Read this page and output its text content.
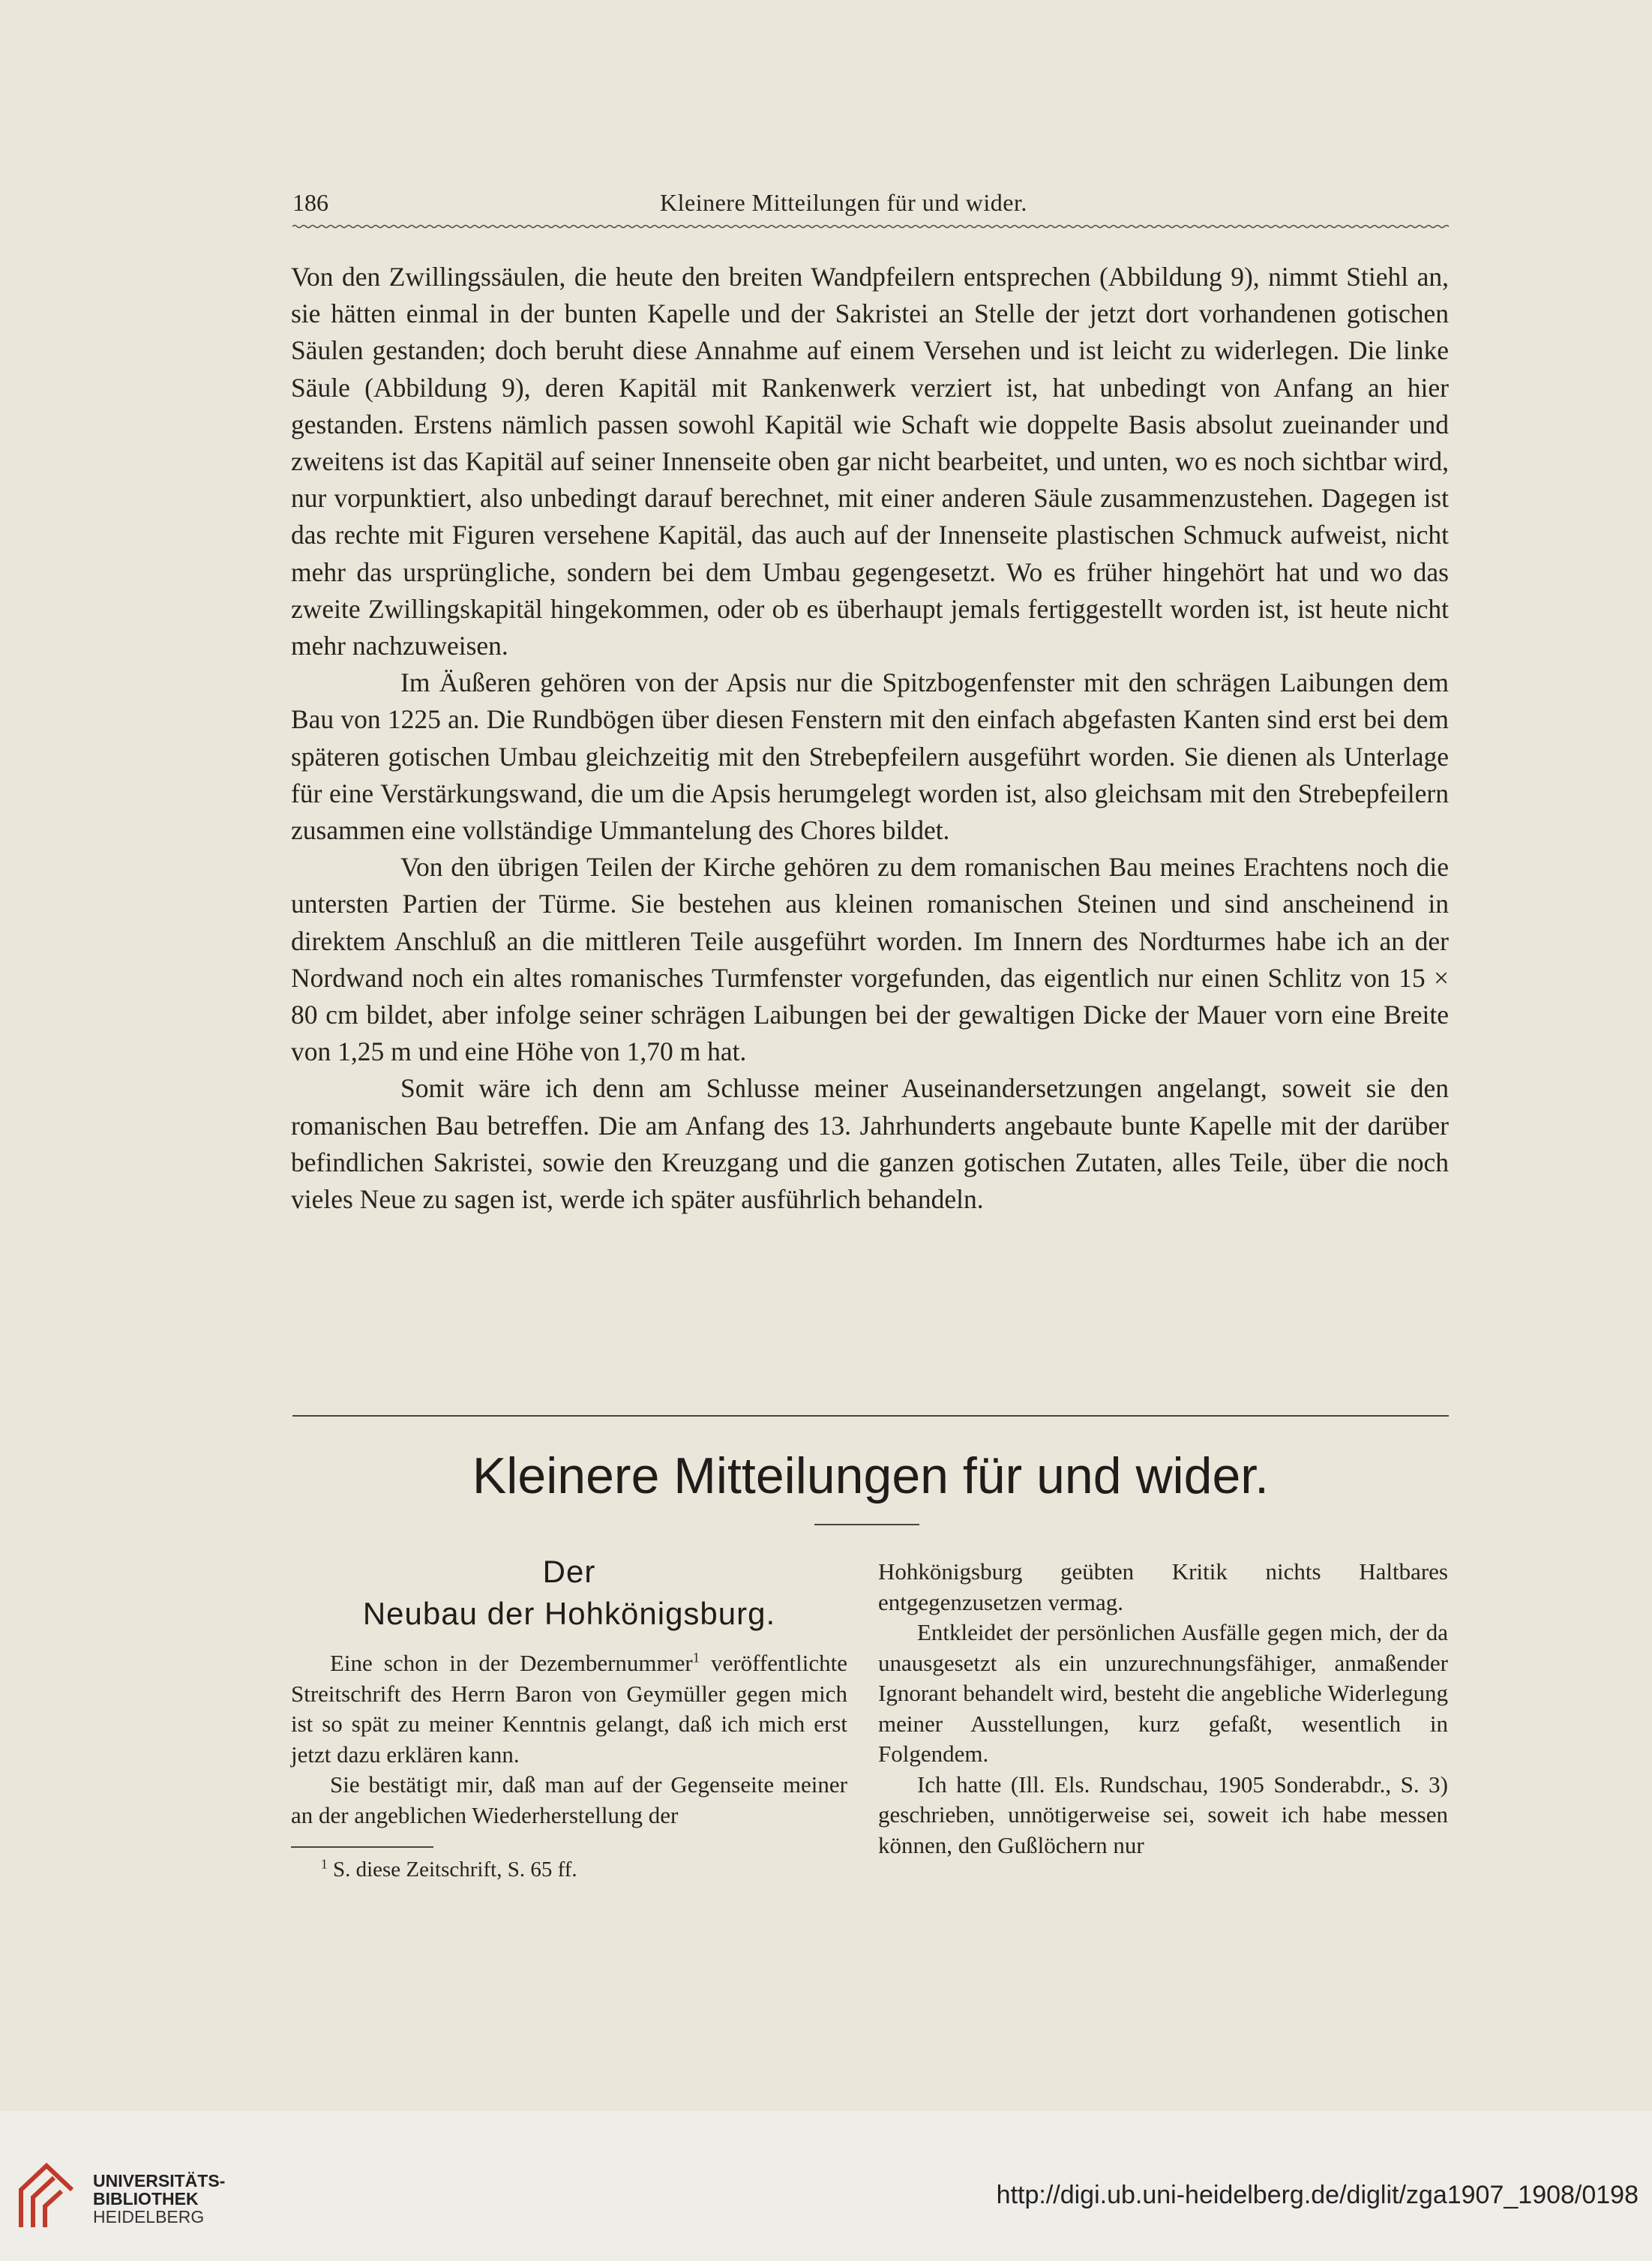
186	Kleinere Mitteilungen für und wider.

Von den Zwillingssäulen, die heute den breiten Wandpfeilern entsprechen (Abbildung 9), nimmt Stiehl an, sie hätten einmal in der bunten Kapelle und der Sakristei an Stelle der jetzt dort vorhandenen gotischen Säulen gestanden; doch beruht diese Annahme auf einem Versehen und ist leicht zu widerlegen. Die linke Säule (Abbildung 9), deren Kapitäl mit Rankenwerk verziert ist, hat unbedingt von Anfang an hier gestanden. Erstens nämlich passen sowohl Kapitäl wie Schaft wie doppelte Basis absolut zueinander und zweitens ist das Kapitäl auf seiner Innenseite oben gar nicht bearbeitet, und unten, wo es noch sichtbar wird, nur vorpunktiert, also unbedingt darauf berechnet, mit einer anderen Säule zusammenzustehen. Dagegen ist das rechte mit Figuren versehene Kapitäl, das auch auf der Innenseite plastischen Schmuck aufweist, nicht mehr das ursprüngliche, sondern bei dem Umbau gegengesetzt. Wo es früher hingehört hat und wo das zweite Zwillingskapitäl hingekommen, oder ob es überhaupt jemals fertiggestellt worden ist, ist heute nicht mehr nachzuweisen.

Im Äußeren gehören von der Apsis nur die Spitzbogenfenster mit den schrägen Laibungen dem Bau von 1225 an. Die Rundbögen über diesen Fenstern mit den einfach abgefasten Kanten sind erst bei dem späteren gotischen Umbau gleichzeitig mit den Strebepfeilern ausgeführt worden. Sie dienen als Unterlage für eine Verstärkungswand, die um die Apsis herumgelegt worden ist, also gleichsam mit den Strebepfeilern zusammen eine vollständige Ummantelung des Chores bildet.

Von den übrigen Teilen der Kirche gehören zu dem romanischen Bau meines Erachtens noch die untersten Partien der Türme. Sie bestehen aus kleinen romanischen Steinen und sind anscheinend in direktem Anschluß an die mittleren Teile ausgeführt worden. Im Innern des Nordturmes habe ich an der Nordwand noch ein altes romanisches Turmfenster vorgefunden, das eigentlich nur einen Schlitz von 15 × 80 cm bildet, aber infolge seiner schrägen Laibungen bei der gewaltigen Dicke der Mauer vorn eine Breite von 1,25 m und eine Höhe von 1,70 m hat.

Somit wäre ich denn am Schlusse meiner Auseinandersetzungen angelangt, soweit sie den romanischen Bau betreffen. Die am Anfang des 13. Jahrhunderts angebaute bunte Kapelle mit der darüber befindlichen Sakristei, sowie den Kreuzgang und die ganzen gotischen Zutaten, alles Teile, über die noch vieles Neue zu sagen ist, werde ich später ausführlich behandeln.

Kleinere Mitteilungen für und wider.
Der
Neubau der Hohkönigsburg.

Eine schon in der Dezembernummer$^1$ veröffentlichte Streitschrift des Herrn Baron von Geymüller gegen mich ist so spät zu meiner Kenntnis gelangt, daß ich mich erst jetzt dazu erklären kann.

Sie bestätigt mir, daß man auf der Gegenseite meiner an der angeblichen Wiederherstellung der

$^1$ S. diese Zeitschrift, S. 65 ff.

Hohkönigsburg geübten Kritik nichts Haltbares entgegenzusetzen vermag.

Entkleidet der persönlichen Ausfälle gegen mich, der da unausgesetzt als ein unzurechnungsfähiger, anmaßender Ignorant behandelt wird, besteht die angebliche Widerlegung meiner Ausstellungen, kurz gefaßt, wesentlich in Folgendem.

Ich hatte (Ill. Els. Rundschau, 1905 Sonderabdr., S. 3) geschrieben, unnötigerweise sei, soweit ich habe messen können, den Gußlöchern nur

UNIVERSITÄTS-
BIBLIOTHEK
HEIDELBERG
http://digi.ub.uni-heidelberg.de/diglit/zga1907_1908/0198
